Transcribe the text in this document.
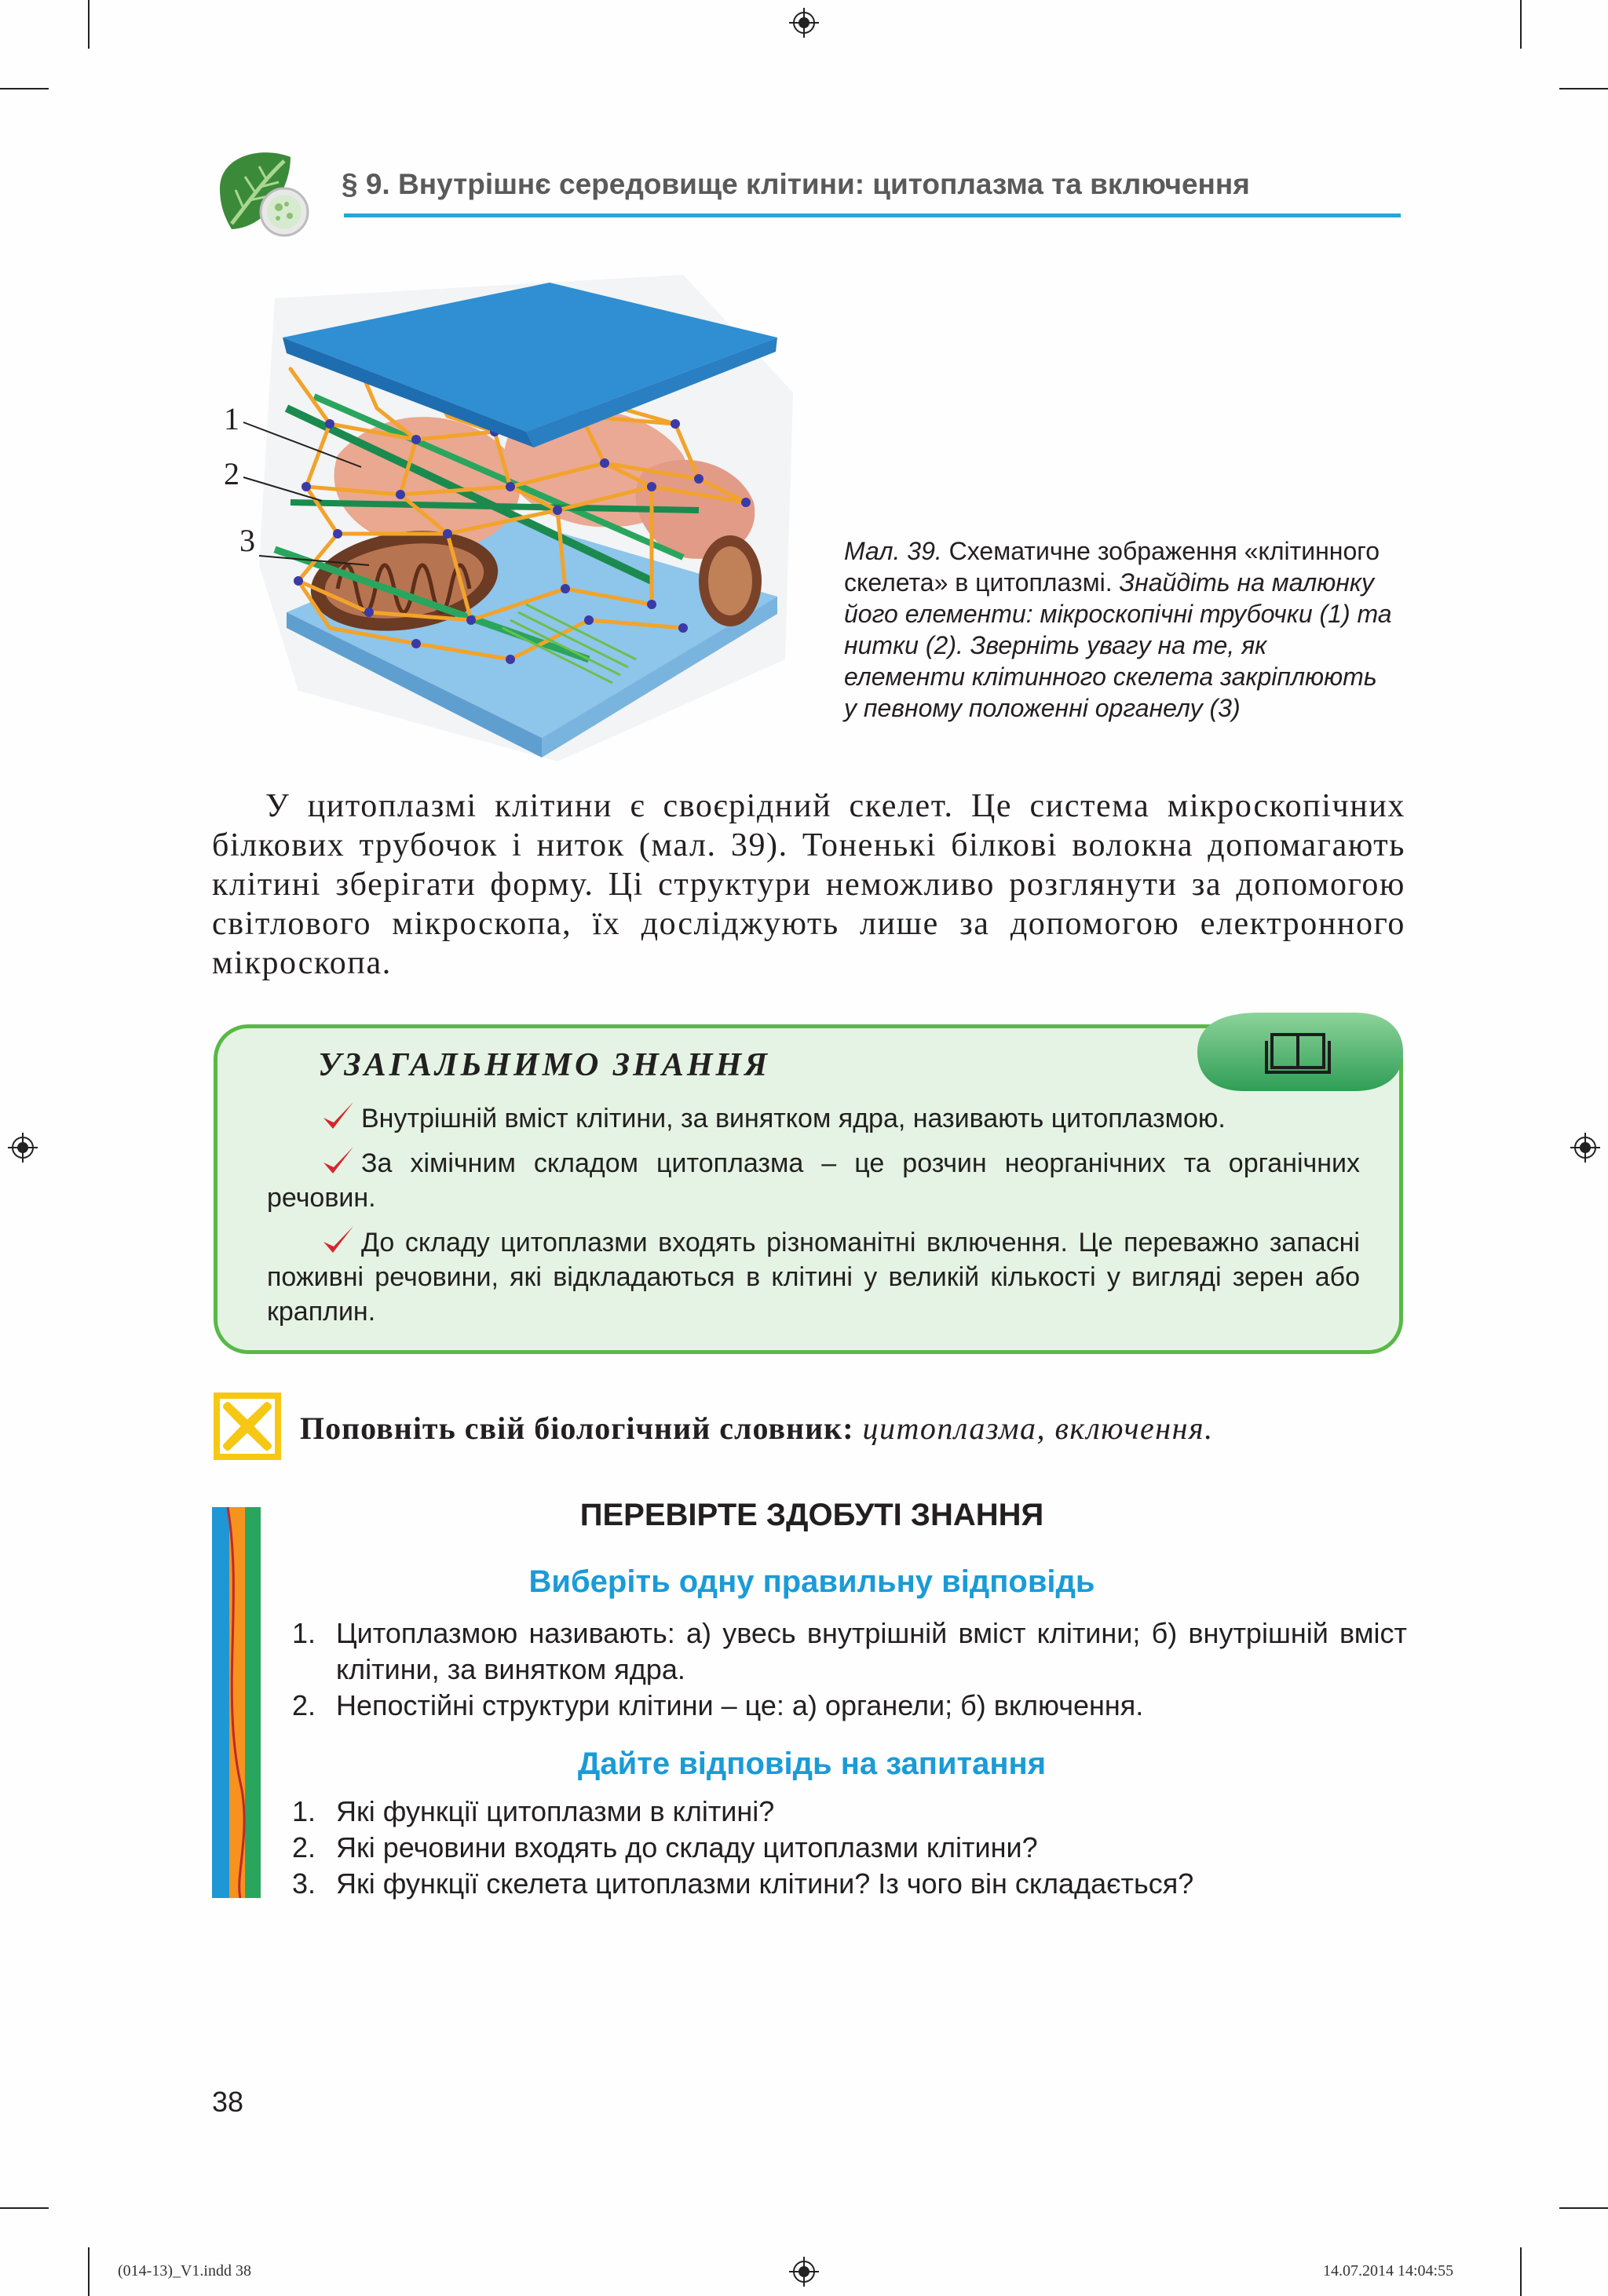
§ 9. Внутрішнє середовище клітини: цитоплазма та включення
1
2
3	Мал. 39. Схематичне зображення «клітинного скелета» в цитоплазмі. Знайдіть на малюнку його елементи: мікроскопічні трубочки (1) та нитки (2). Зверніть увагу на те, як елементи клітинного скелета закріплюють у певному положенні органелу (3)
У цитоплазмі клітини є своєрідний скелет. Це система мікроскопічних білкових трубочок і ниток (мал. 39). Тоненькі білкові волокна допомагають клітині зберігати форму. Ці структури неможливо розглянути за допомогою світлового мікроскопа, їх досліджують лише за допомогою електронного мікроскопа.
УЗАГАЛЬНИМО ЗНАННЯ
Внутрішній вміст клітини, за винятком ядра, називають цитоплазмою.
За хімічним складом цитоплазма – це розчин неорганічних та органічних речовин.
До складу цитоплазми входять різноманітні включення. Це переважно запасні поживні речовини, які відкладаються в клітині у великій кількості у вигляді зерен або краплин.
Поповніть свій біологічний словник: цитоплазма, включення.
ПЕРЕВІРТЕ ЗДОБУТІ ЗНАННЯ
Виберіть одну правильну відповідь
1. Цитоплазмою називають: а) увесь внутрішній вміст клітини; б) внутрішній вміст клітини, за винятком ядра.
2. Непостійні структури клітини – це: а) органели; б) включення.
Дайте відповідь на запитання
1. Які функції цитоплазми в клітині?
2. Які речовини входять до складу цитоплазми клітини?
3. Які функції скелета цитоплазми клітини? Із чого він складається?
38
(014-13)_V1.indd 38	14.07.2014 14:04:55
